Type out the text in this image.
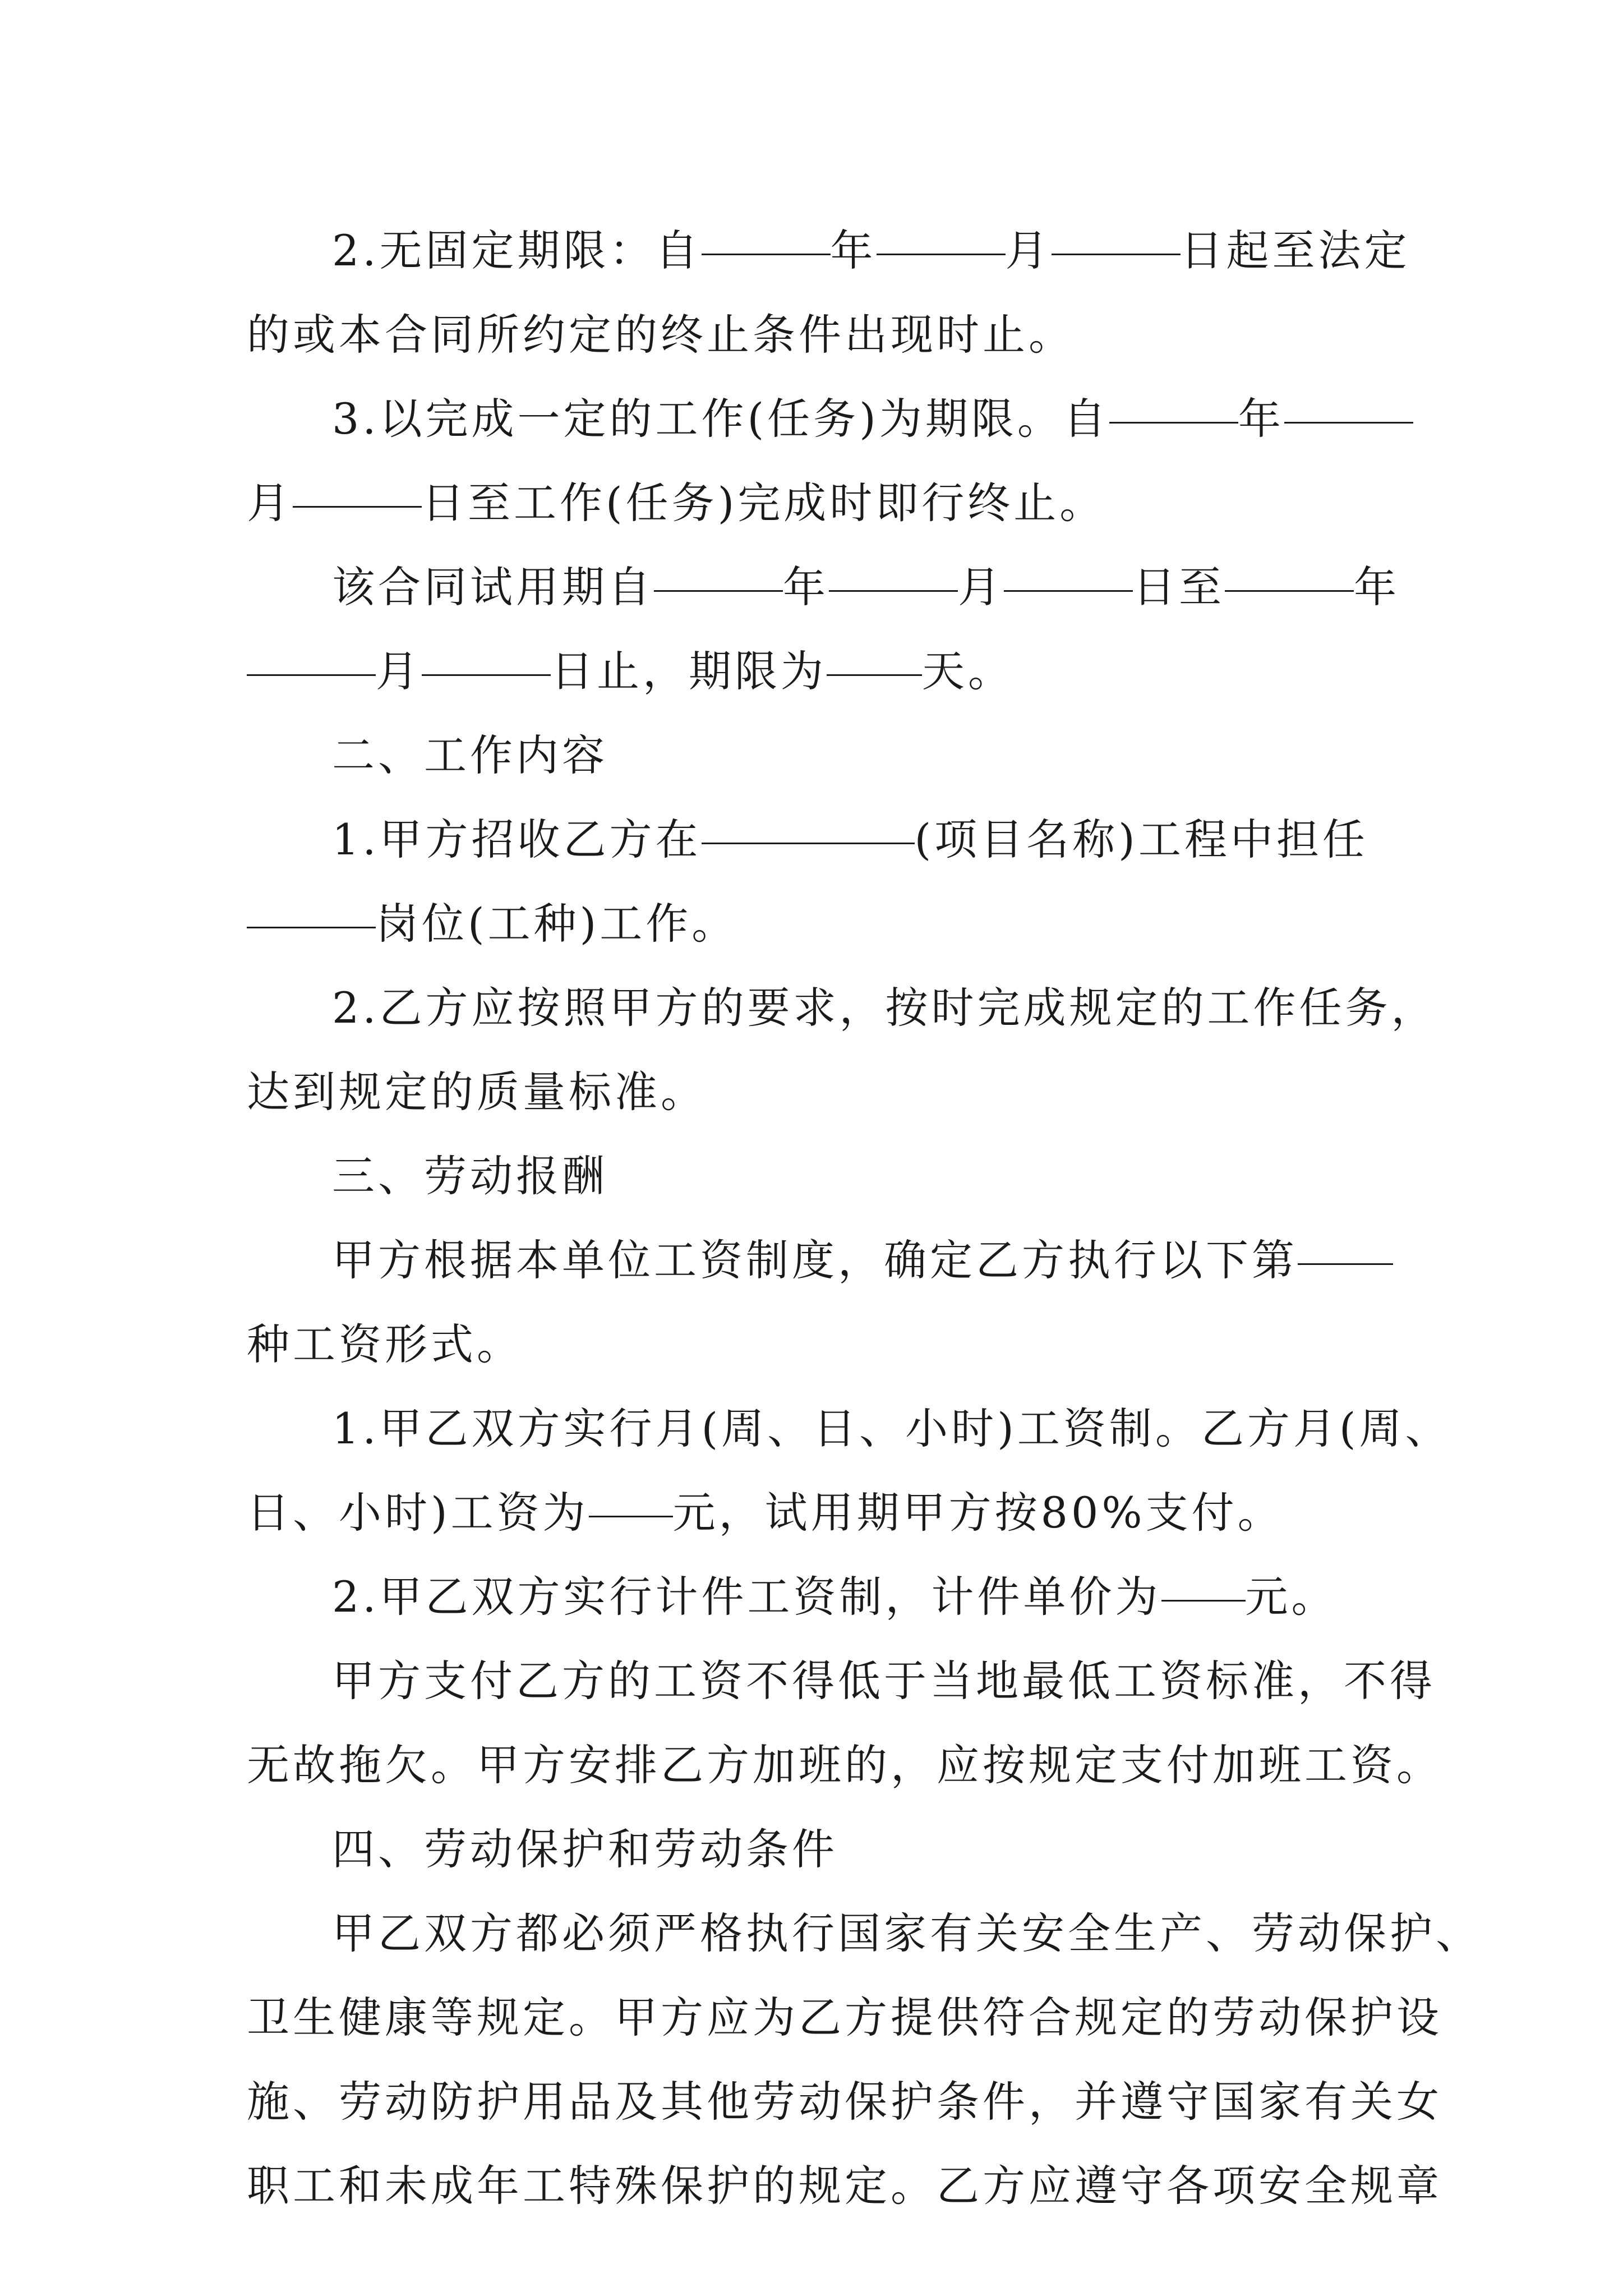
2.无固定期限：自	年	月	日起至法定
的或本合同所约定的终止条件出现时止。
3.以完成一定的工作(任务)为期限。自	年
月	日至工作(任务)完成时即行终止。
该合同试用期自	年	月	日至	年
月	日止，期限为 天。
二、工作内容
1.甲方招收乙方在	(项目名称)工程中担任
岗位(工种)工作。
2.乙方应按照甲方的要求，按时完成规定的工作任务，
达到规定的质量标准。
三、劳动报酬
甲方根据本单位工资制度，确定乙方执行以下第
种工资形式。
1.甲乙双方实行月(周、日、小时)工资制。乙方月(周、
日、小时)工资为 元，试用期甲方按80%支付。
2.甲乙双方实行计件工资制，计件单价为 元。
甲方支付乙方的工资不得低于当地最低工资标准，不得
无故拖欠。甲方安排乙方加班的，应按规定支付加班工资。
四、劳动保护和劳动条件
甲乙双方都必须严格执行国家有关安全生产、劳动保护、
卫生健康等规定。甲方应为乙方提供符合规定的劳动保护设
施、劳动防护用品及其他劳动保护条件，并遵守国家有关女
职工和未成年工特殊保护的规定。乙方应遵守各项安全规章
